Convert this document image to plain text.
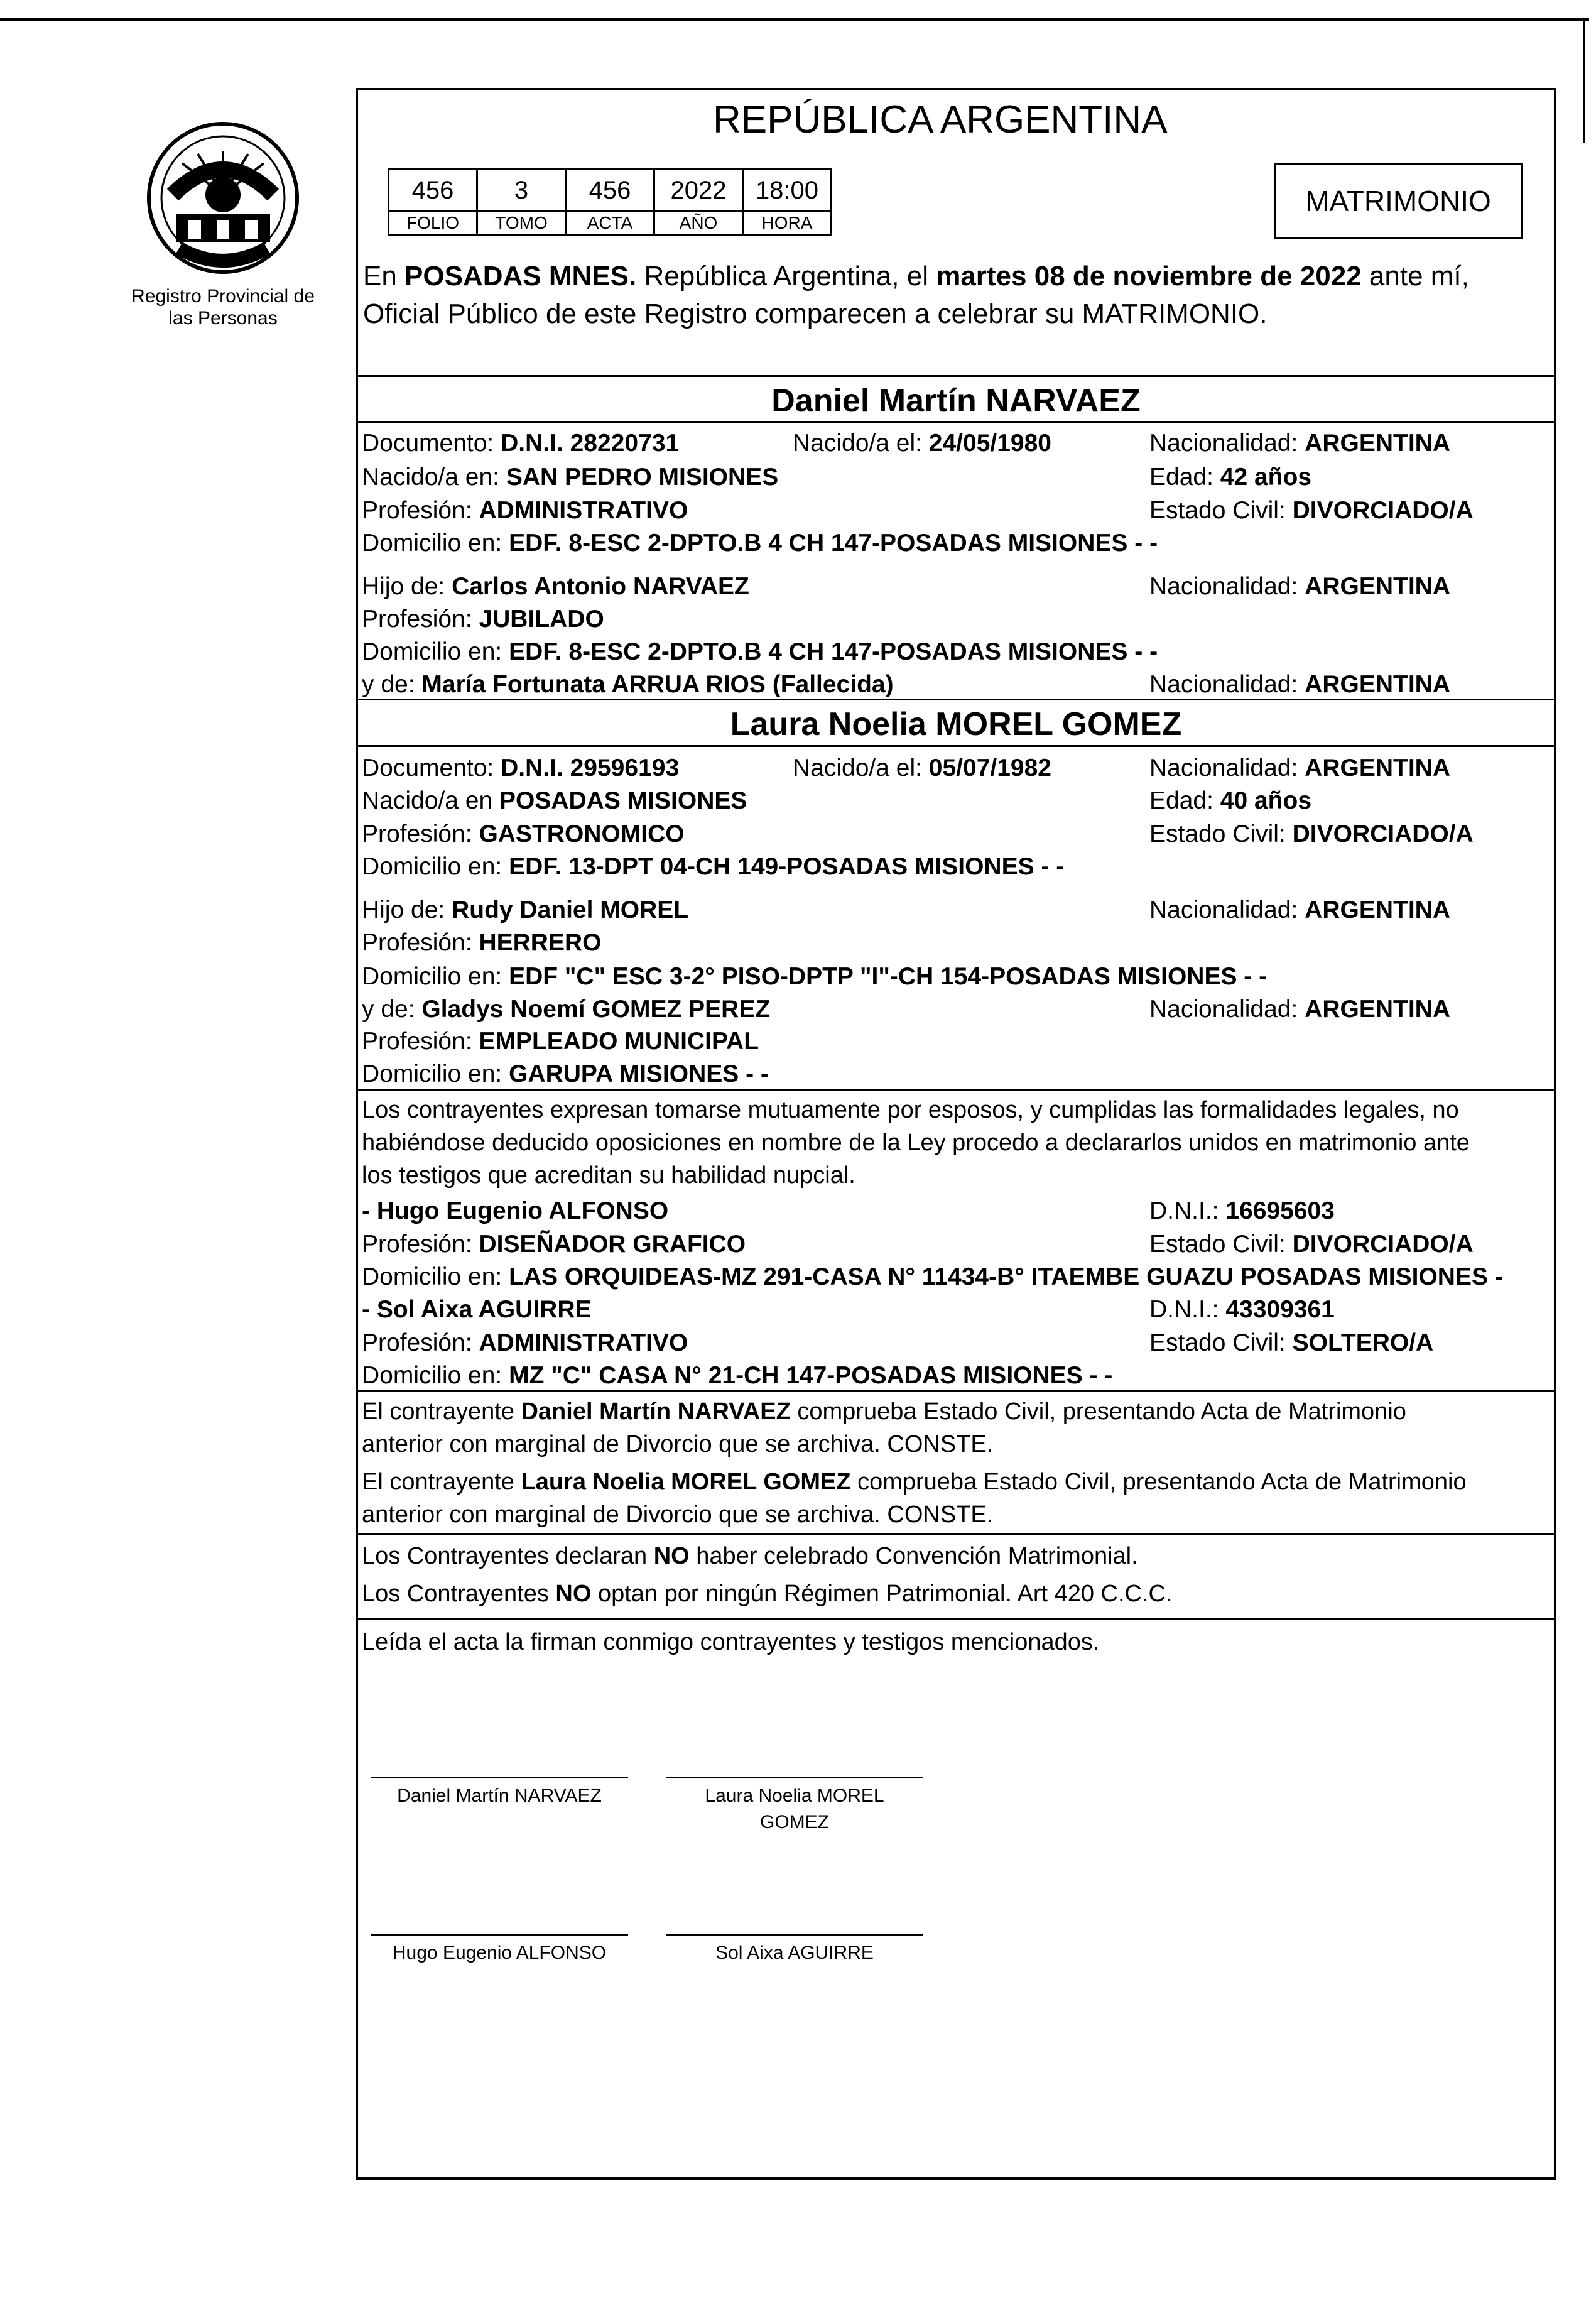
Registro Provincial de las Personas
REPÚBLICA ARGENTINA
456	3	456	2022	18:00
FOLIO	TOMO	ACTA	AÑO	HORA
MATRIMONIO
En POSADAS MNES. República Argentina, el martes 08 de noviembre de 2022 ante mí,
Oficial Público de este Registro comparecen a celebrar su MATRIMONIO.
Daniel Martín NARVAEZ
Documento: D.N.I. 28220731	Nacido/a el: 24/05/1980	Nacionalidad: ARGENTINA
Nacido/a en: SAN PEDRO MISIONES	Edad: 42 años
Profesión: ADMINISTRATIVO	Estado Civil: DIVORCIADO/A
Domicilio en: EDF. 8-ESC 2-DPTO.B 4 CH 147-POSADAS MISIONES - -
Hijo de: Carlos Antonio NARVAEZ	Nacionalidad: ARGENTINA
Profesión: JUBILADO
Domicilio en: EDF. 8-ESC 2-DPTO.B 4 CH 147-POSADAS MISIONES - -
y de: María Fortunata ARRUA RIOS (Fallecida)	Nacionalidad: ARGENTINA
Laura Noelia MOREL GOMEZ
Documento: D.N.I. 29596193	Nacido/a el: 05/07/1982	Nacionalidad: ARGENTINA
Nacido/a en POSADAS MISIONES	Edad: 40 años
Profesión: GASTRONOMICO	Estado Civil: DIVORCIADO/A
Domicilio en: EDF. 13-DPT 04-CH 149-POSADAS MISIONES - -
Hijo de: Rudy Daniel MOREL	Nacionalidad: ARGENTINA
Profesión: HERRERO
Domicilio en: EDF "C" ESC 3-2° PISO-DPTP "I"-CH 154-POSADAS MISIONES - -
y de: Gladys Noemí GOMEZ PEREZ	Nacionalidad: ARGENTINA
Profesión: EMPLEADO MUNICIPAL
Domicilio en: GARUPA MISIONES - -
Los contrayentes expresan tomarse mutuamente por esposos, y cumplidas las formalidades legales, no
habiéndose deducido oposiciones en nombre de la Ley procedo a declararlos unidos en matrimonio ante
los testigos que acreditan su habilidad nupcial.
- Hugo Eugenio ALFONSO	D.N.I.: 16695603
Profesión: DISEÑADOR GRAFICO	Estado Civil: DIVORCIADO/A
Domicilio en: LAS ORQUIDEAS-MZ 291-CASA N° 11434-B° ITAEMBE GUAZU POSADAS MISIONES -
- Sol Aixa AGUIRRE	D.N.I.: 43309361
Profesión: ADMINISTRATIVO	Estado Civil: SOLTERO/A
Domicilio en: MZ "C" CASA N° 21-CH 147-POSADAS MISIONES - -
El contrayente Daniel Martín NARVAEZ comprueba Estado Civil, presentando Acta de Matrimonio
anterior con marginal de Divorcio que se archiva. CONSTE.
El contrayente Laura Noelia MOREL GOMEZ comprueba Estado Civil, presentando Acta de Matrimonio
anterior con marginal de Divorcio que se archiva. CONSTE.
Los Contrayentes declaran NO haber celebrado Convención Matrimonial.
Los Contrayentes NO optan por ningún Régimen Patrimonial. Art 420 C.C.C.
Leída el acta la firman conmigo contrayentes y testigos mencionados.
Daniel Martín NARVAEZ	Laura Noelia MOREL GOMEZ
Hugo Eugenio ALFONSO	Sol Aixa AGUIRRE
